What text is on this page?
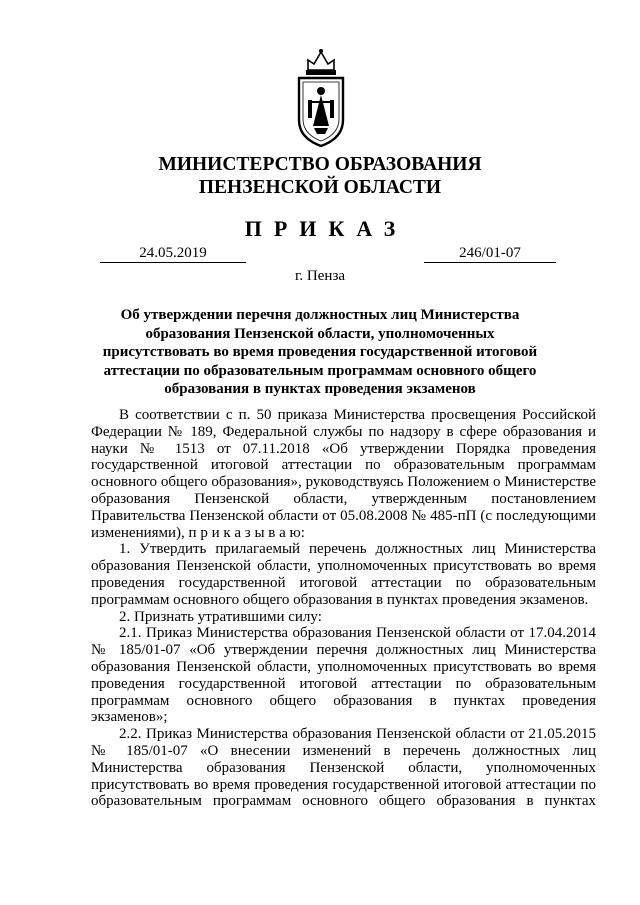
МИНИСТЕРСТВО ОБРАЗОВАНИЯ
ПЕНЗЕНСКОЙ ОБЛАСТИ
ПРИКАЗ
24.05.2019	246/01-07
г. Пенза
Об утверждении перечня должностных лиц Министерства образования Пензенской области, уполномоченных присутствовать во время проведения государственной итоговой аттестации по образовательным программам основного общего образования в пунктах проведения экзаменов

В соответствии с п. 50 приказа Министерства просвещения Российской Федерации № 189, Федеральной службы по надзору в сфере образования и науки № 1513 от 07.11.2018 «Об утверждении Порядка проведения государственной итоговой аттестации по образовательным программам основного общего образования», руководствуясь Положением о Министерстве образования Пензенской области, утвержденным постановлением Правительства Пензенской области от 05.08.2008 № 485-пП (с последующими изменениями), п р и к а з ы в а ю:

1. Утвердить прилагаемый перечень должностных лиц Министерства образования Пензенской области, уполномоченных присутствовать во время проведения государственной итоговой аттестации по образовательным программам основного общего образования в пунктах проведения экзаменов.

2. Признать утратившими силу:

2.1. Приказ Министерства образования Пензенской области от 17.04.2014 № 185/01-07 «Об утверждении перечня должностных лиц Министерства образования Пензенской области, уполномоченных присутствовать во время проведения государственной итоговой аттестации по образовательным программам основного общего образования в пунктах проведения экзаменов»;

2.2. Приказ Министерства образования Пензенской области от 21.05.2015 № 185/01-07 «О внесении изменений в перечень должностных лиц Министерства образования Пензенской области, уполномоченных присутствовать во время проведения государственной итоговой аттестации по образовательным программам основного общего образования в пунктах
